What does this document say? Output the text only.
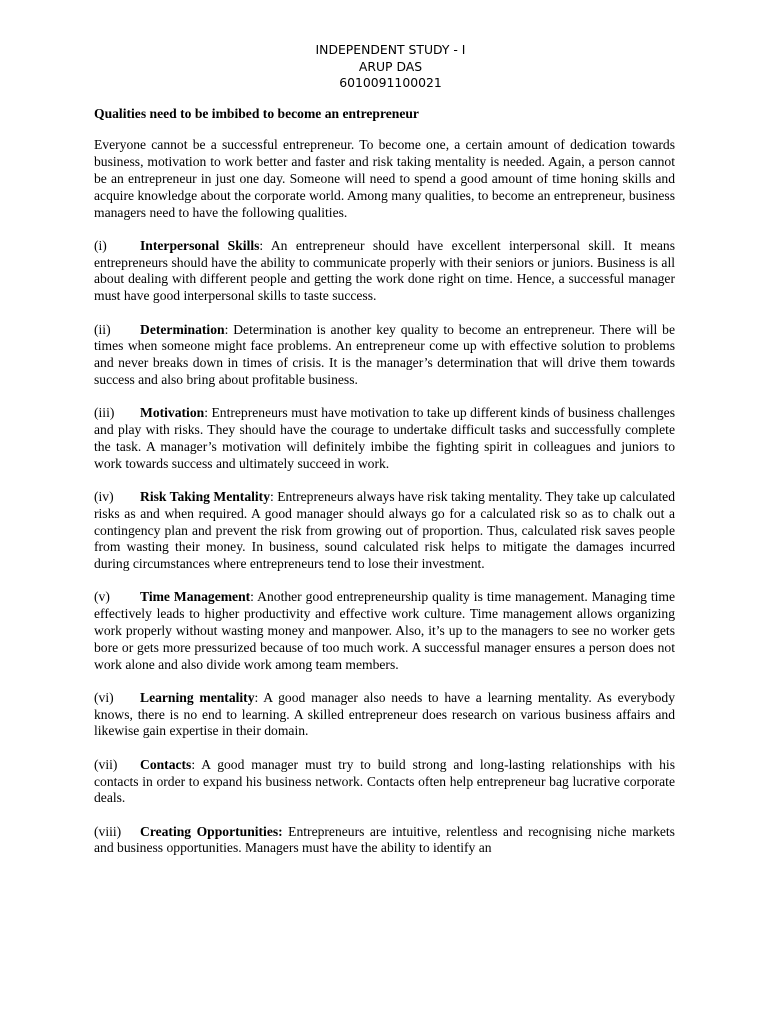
INDEPENDENT STUDY - I
ARUP DAS
6010091100021
Qualities need to be imbibed to become an entrepreneur

Everyone cannot be a successful entrepreneur. To become one, a certain amount of dedication towards business, motivation to work better and faster and risk taking mentality is needed. Again, a person cannot be an entrepreneur in just one day. Someone will need to spend a good amount of time honing skills and acquire knowledge about the corporate world. Among many qualities, to become an entrepreneur, business managers need to have the following qualities.

(i) Interpersonal Skills: An entrepreneur should have excellent interpersonal skill. It means entrepreneurs should have the ability to communicate properly with their seniors or juniors. Business is all about dealing with different people and getting the work done right on time. Hence, a successful manager must have good interpersonal skills to taste success.

(ii) Determination: Determination is another key quality to become an entrepreneur. There will be times when someone might face problems. An entrepreneur come up with effective solution to problems and never breaks down in times of crisis. It is the manager’s determination that will drive them towards success and also bring about profitable business.

(iii) Motivation: Entrepreneurs must have motivation to take up different kinds of business challenges and play with risks. They should have the courage to undertake difficult tasks and successfully complete the task. A manager’s motivation will definitely imbibe the fighting spirit in colleagues and juniors to work towards success and ultimately succeed in work.

(iv) Risk Taking Mentality: Entrepreneurs always have risk taking mentality. They take up calculated risks as and when required. A good manager should always go for a calculated risk so as to chalk out a contingency plan and prevent the risk from growing out of proportion. Thus, calculated risk saves people from wasting their money. In business, sound calculated risk helps to mitigate the damages incurred during circumstances where entrepreneurs tend to lose their investment.

(v) Time Management: Another good entrepreneurship quality is time management. Managing time effectively leads to higher productivity and effective work culture. Time management allows organizing work properly without wasting money and manpower. Also, it’s up to the managers to see no worker gets bore or gets more pressurized because of too much work. A successful manager ensures a person does not work alone and also divide work among team members.

(vi) Learning mentality: A good manager also needs to have a learning mentality. As everybody knows, there is no end to learning. A skilled entrepreneur does research on various business affairs and likewise gain expertise in their domain.

(vii) Contacts: A good manager must try to build strong and long-lasting relationships with his contacts in order to expand his business network. Contacts often help entrepreneur bag lucrative corporate deals.

(viii) Creating Opportunities: Entrepreneurs are intuitive, relentless and recognising niche markets and business opportunities. Managers must have the ability to identify an
